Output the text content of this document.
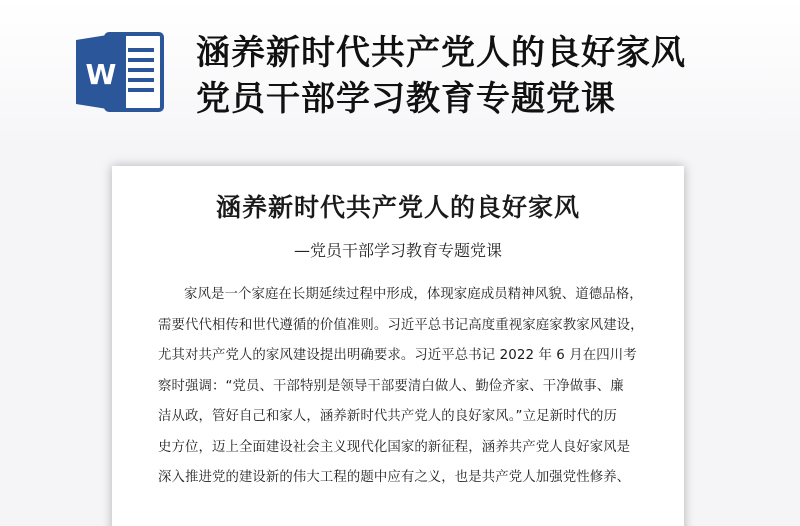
W
涵养新时代共产党人的良好家风
党员干部学习教育专题党课
涵养新时代共产党人的良好家风
—党员干部学习教育专题党课
家风是一个家庭在长期延续过程中形成，体现家庭成员精神风貌、道德品格，
需要代代相传和世代遵循的价值准则。习近平总书记高度重视家庭家教家风建设，
尤其对共产党人的家风建设提出明确要求。习近平总书记 2022 年 6 月在四川考
察时强调：“党员、干部特别是领导干部要清白做人、勤俭齐家、干净做事、廉
洁从政，管好自己和家人，涵养新时代共产党人的良好家风。”立足新时代的历
史方位，迈上全面建设社会主义现代化国家的新征程，涵养共产党人良好家风是
深入推进党的建设新的伟大工程的题中应有之义，也是共产党人加强党性修养、
